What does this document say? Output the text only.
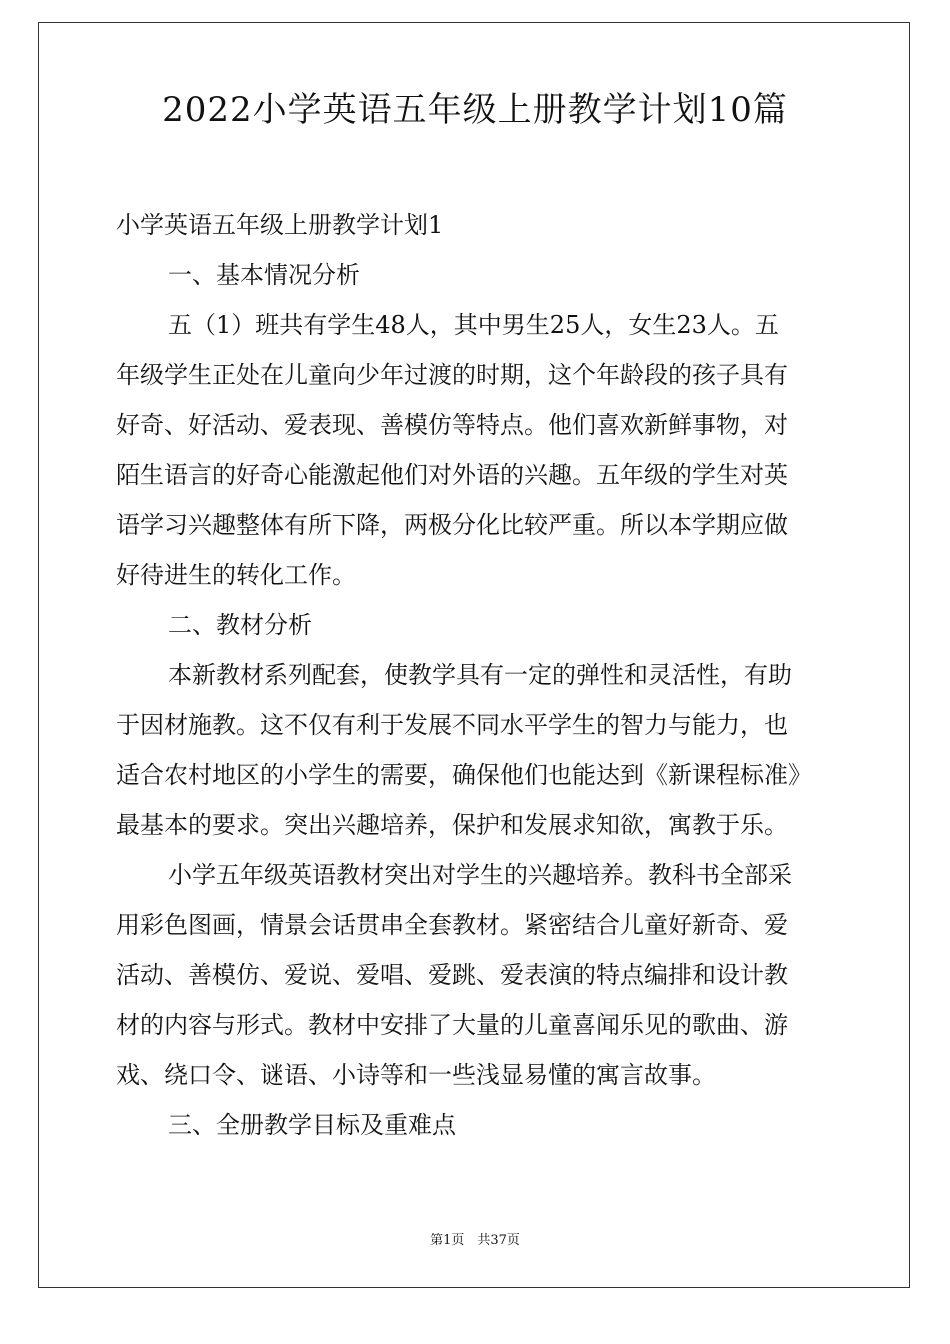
2022小学英语五年级上册教学计划10篇
小学英语五年级上册教学计划1
一、基本情况分析
五（1）班共有学生48人，其中男生25人，女生23人。五
年级学生正处在儿童向少年过渡的时期，这个年龄段的孩子具有
好奇、好活动、爱表现、善模仿等特点。他们喜欢新鲜事物，对
陌生语言的好奇心能激起他们对外语的兴趣。五年级的学生对英
语学习兴趣整体有所下降，两极分化比较严重。所以本学期应做
好待进生的转化工作。
二、教材分析
本新教材系列配套，使教学具有一定的弹性和灵活性，有助
于因材施教。这不仅有利于发展不同水平学生的智力与能力，也
适合农村地区的小学生的需要，确保他们也能达到《新课程标准》
最基本的要求。突出兴趣培养，保护和发展求知欲，寓教于乐。
小学五年级英语教材突出对学生的兴趣培养。教科书全部采
用彩色图画，情景会话贯串全套教材。紧密结合儿童好新奇、爱
活动、善模仿、爱说、爱唱、爱跳、爱表演的特点编排和设计教
材的内容与形式。教材中安排了大量的儿童喜闻乐见的歌曲、游
戏、绕口令、谜语、小诗等和一些浅显易懂的寓言故事。
三、全册教学目标及重难点
第1页　共37页
